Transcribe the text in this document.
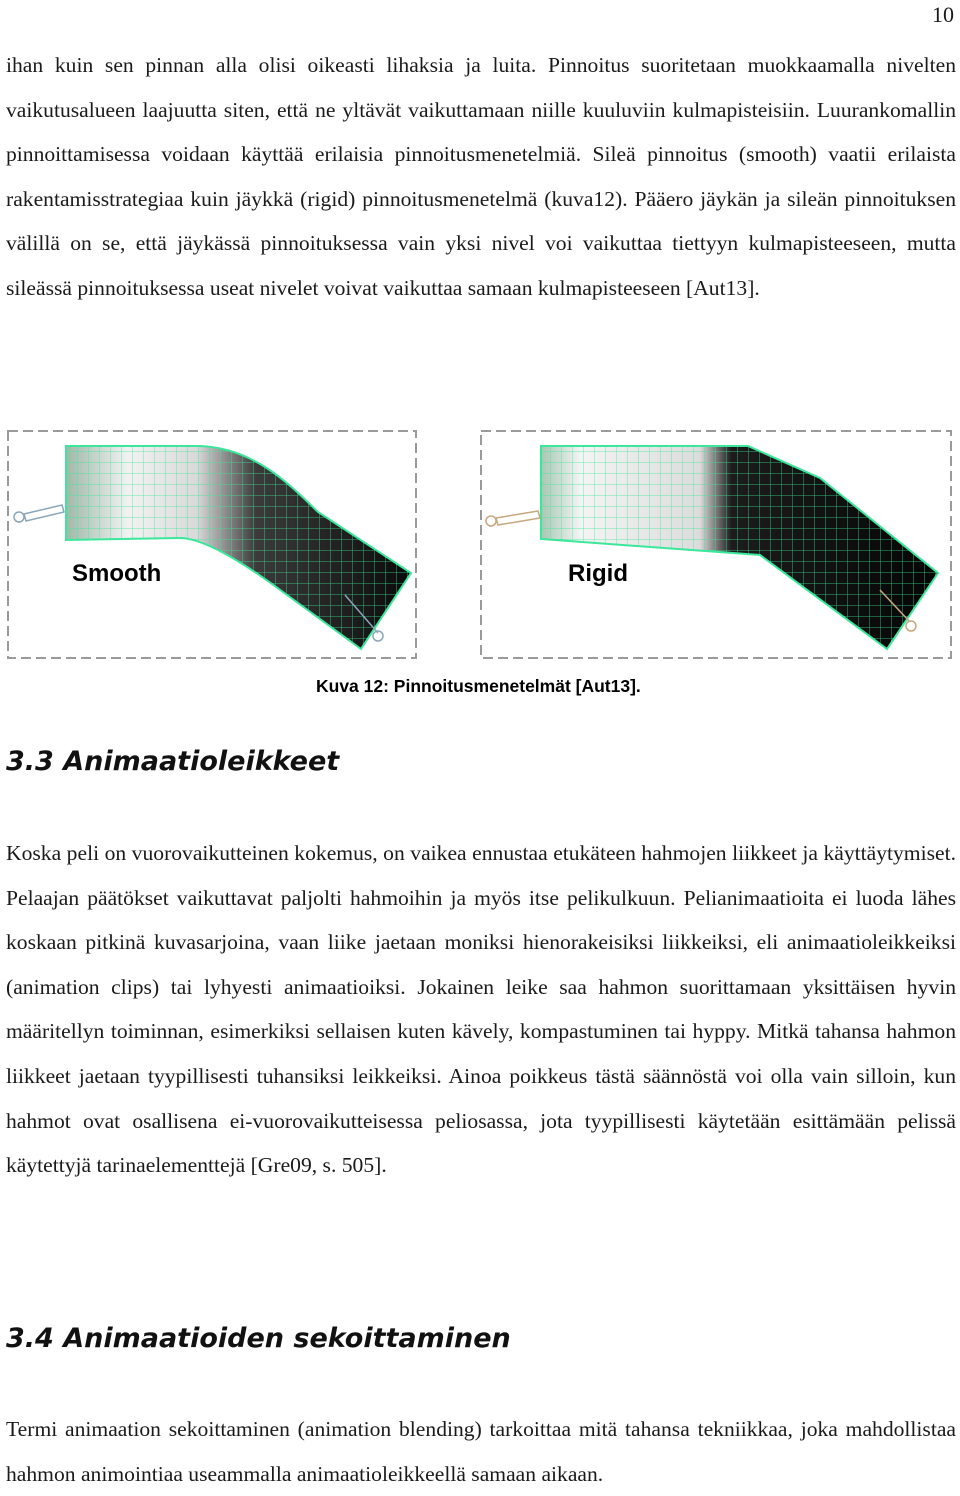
10

ihan kuin sen pinnan alla olisi oikeasti lihaksia ja luita. Pinnoitus suoritetaan muokkaamalla nivelten vaikutusalueen laajuutta siten, että ne yltävät vaikuttamaan niille kuuluviin kulmapisteisiin. Luurankomallin pinnoittamisessa voidaan käyttää erilaisia pinnoitusmenetelmiä. Sileä pinnoitus (smooth) vaatii erilaista rakentamisstrategiaa kuin jäykkä (rigid) pinnoitusmenetelmä (kuva12). Pääero jäykän ja sileän pinnoituksen välillä on se, että jäykässä pinnoituksessa vain yksi nivel voi vaikuttaa tiettyyn kulmapisteeseen, mutta sileässä pinnoituksessa useat nivelet voivat vaikuttaa samaan kulmapisteeseen [Aut13].

Smooth	Rigid
Kuva 12: Pinnoitusmenetelmät [Aut13].
3.3 Animaatioleikkeet

Koska peli on vuorovaikutteinen kokemus, on vaikea ennustaa etukäteen hahmojen liikkeet ja käyttäytymiset. Pelaajan päätökset vaikuttavat paljolti hahmoihin ja myös itse pelikulkuun. Pelianimaatioita ei luoda lähes koskaan pitkinä kuvasarjoina, vaan liike jaetaan moniksi hienorakeisiksi liikkeiksi, eli animaatioleikkeiksi (animation clips) tai lyhyesti animaatioiksi. Jokainen leike saa hahmon suorittamaan yksittäisen hyvin määritellyn toiminnan, esimerkiksi sellaisen kuten kävely, kompastuminen tai hyppy. Mitkä tahansa hahmon liikkeet jaetaan tyypillisesti tuhansiksi leikkeiksi. Ainoa poikkeus tästä säännöstä voi olla vain silloin, kun hahmot ovat osallisena ei-vuorovaikutteisessa peliosassa, jota tyypillisesti käytetään esittämään pelissä käytettyjä tarinaelementtejä [Gre09, s. 505].

3.4 Animaatioiden sekoittaminen

Termi animaation sekoittaminen (animation blending) tarkoittaa mitä tahansa tekniikkaa, joka mahdollistaa hahmon animointiaa useammalla animaatioleikkeellä samaan aikaan.
